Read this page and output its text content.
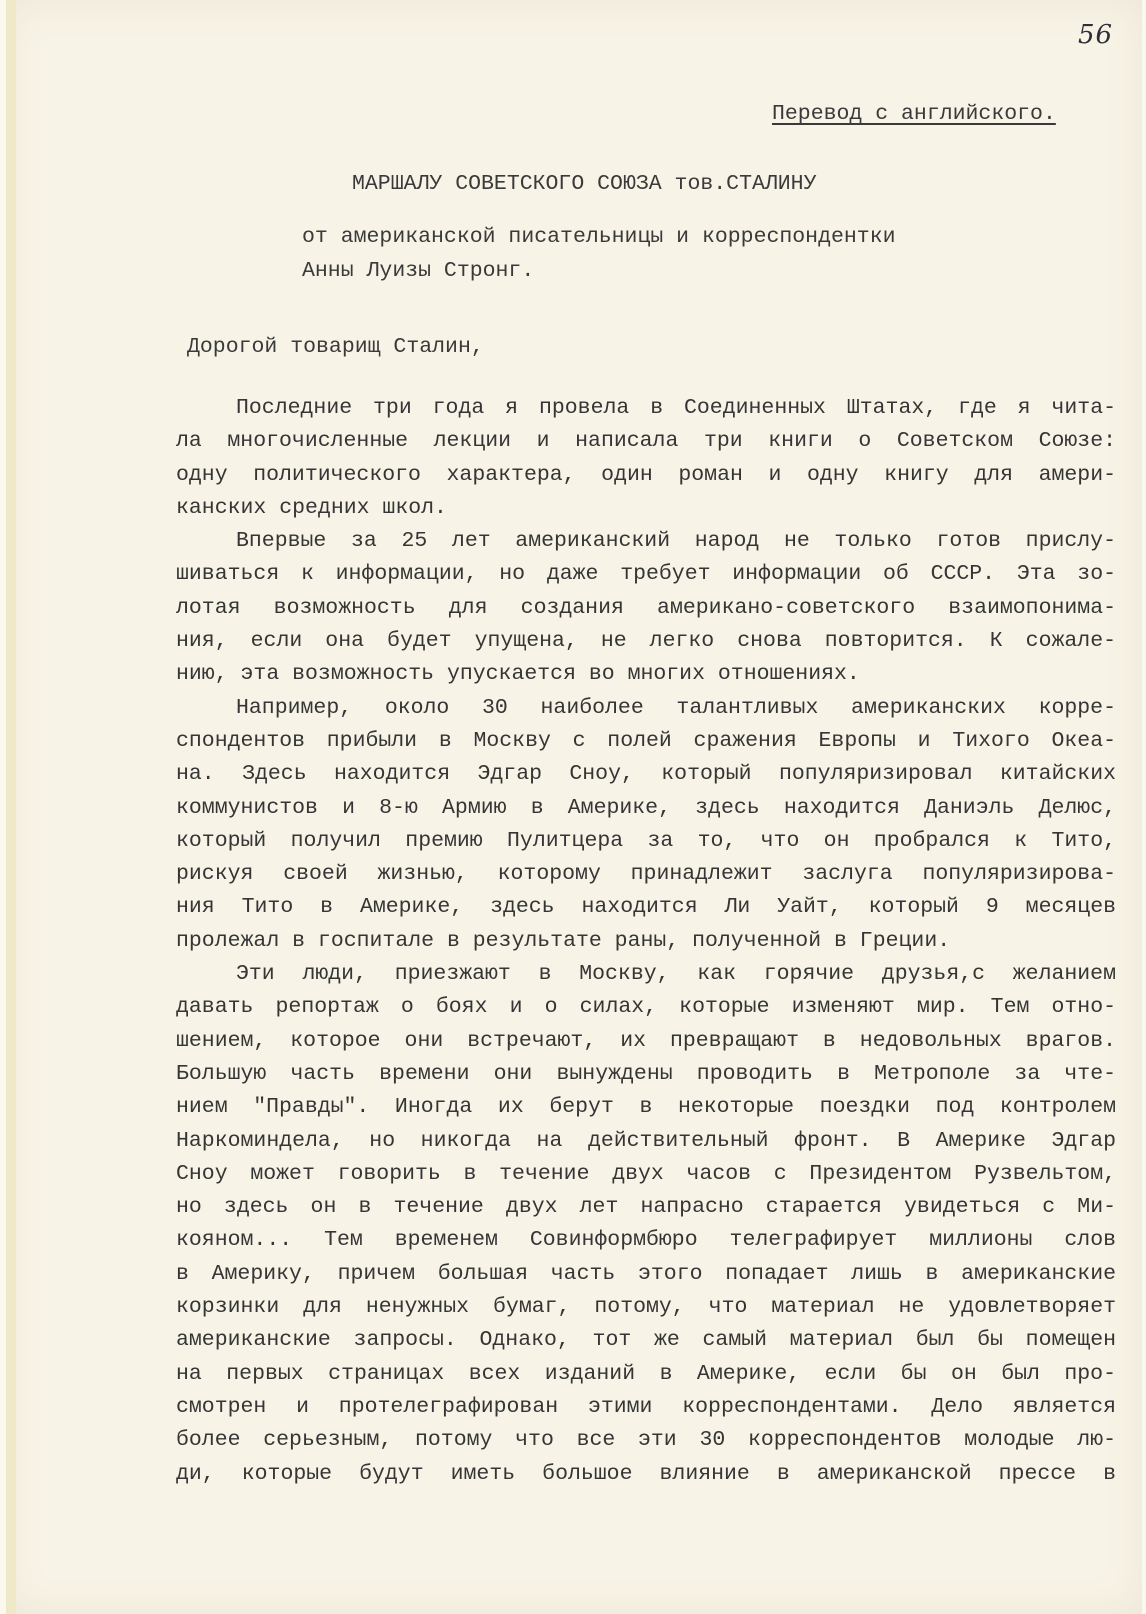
56
Перевод с английского.
МАРШАЛУ СОВЕТСКОГО СОЮЗА тов.СТАЛИНУ
от американской писательницы и корреспондентки
Анны Луизы Стронг.
Дорогой товарищ Сталин,
Последние три года я провела в Соединенных Штатах, где я чита-
ла многочисленные лекции и написала три книги о Советском Союзе:
одну политического характера, один роман и одну книгу для амери-
канских средних школ.
Впервые за 25 лет американский народ не только готов прислу-
шиваться к информации, но даже требует информации об СССР. Эта зо-
лотая возможность для создания американо-советского взаимопонима-
ния, если она будет упущена, не легко снова повторится. К сожале-
нию, эта возможность упускается во многих отношениях.
Например, около 30 наиболее талантливых американских корре-
спондентов прибыли в Москву с полей сражения Европы и Тихого Океа-
на. Здесь находится Эдгар Сноу, который популяризировал китайских
коммунистов и 8-ю Армию в Америке, здесь находится Даниэль Делюс,
который получил премию Пулитцера за то, что он пробрался к Тито,
рискуя своей жизнью, которому принадлежит заслуга популяризирова-
ния Тито в Америке, здесь находится Ли Уайт, который 9 месяцев
пролежал в госпитале в результате раны, полученной в Греции.
Эти люди, приезжают в Москву, как горячие друзья,с желанием
давать репортаж о боях и о силах, которые изменяют мир. Тем отно-
шением, которое они встречают, их превращают в недовольных врагов.
Большую часть времени они вынуждены проводить в Метрополе за чте-
нием "Правды". Иногда их берут в некоторые поездки под контролем
Наркоминдела, но никогда на действительный фронт. В Америке Эдгар
Сноу может говорить в течение двух часов с Президентом Рузвельтом,
но здесь он в течение двух лет напрасно старается увидеться с Ми-
кояном... Тем временем Совинформбюро телеграфирует миллионы слов
в Америку, причем большая часть этого попадает лишь в американские
корзинки для ненужных бумаг, потому, что материал не удовлетворяет
американские запросы. Однако, тот же самый материал был бы помещен
на первых страницах всех изданий в Америке, если бы он был про-
смотрен и протелеграфирован этими корреспондентами. Дело является
более серьезным, потому что все эти 30 корреспондентов молодые лю-
ди, которые будут иметь большое влияние в американской прессе в
